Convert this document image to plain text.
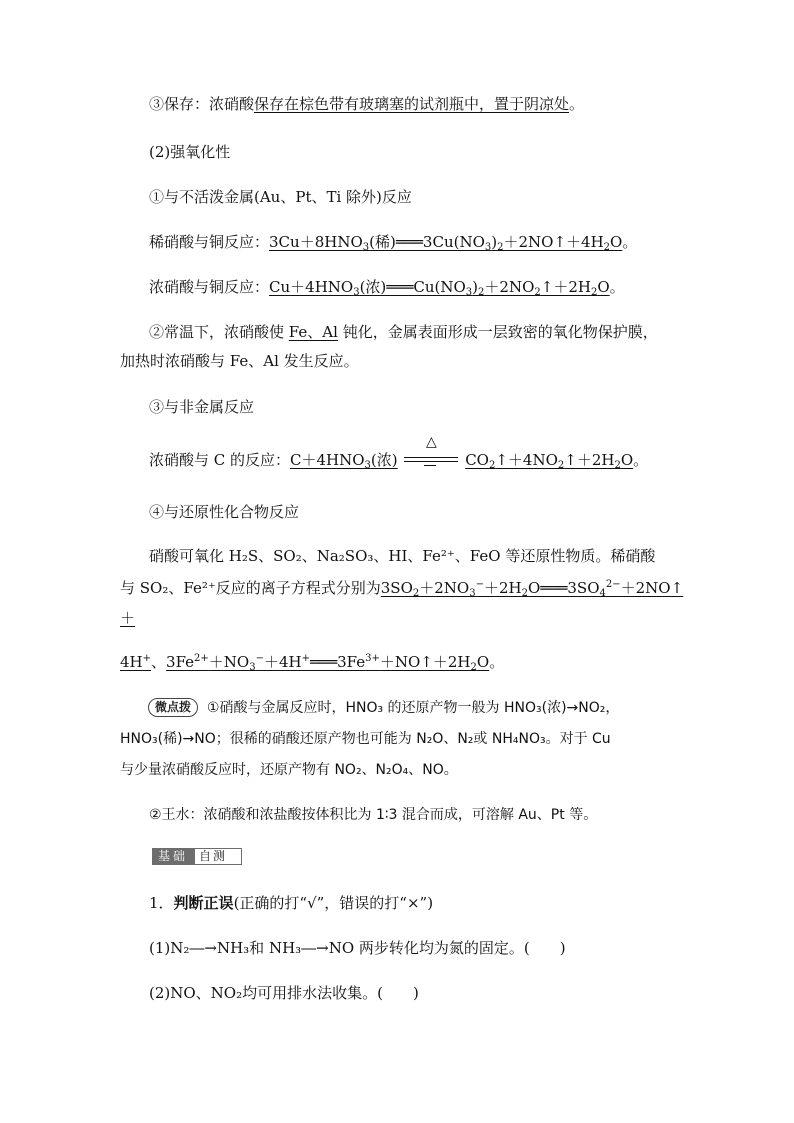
③保存：浓硝酸保存在棕色带有玻璃塞的试剂瓶中，置于阴凉处。
(2)强氧化性
①与不活泼金属(Au、Pt、Ti 除外)反应
稀硝酸与铜反应：$3Cu+8HNO_3$(稀)$═══3Cu(NO_3)_2+2NO↑+4H_2O$。
浓硝酸与铜反应：$Cu+4HNO_3$(浓)$═══Cu(NO_3)_2+2NO_2↑+2H_2O$。
②常温下，浓硝酸使 Fe、Al 钝化，金属表面形成一层致密的氧化物保护膜，
加热时浓硝酸与 Fe、Al 发生反应。
③与非金属反应
浓硝酸与 C 的反应：$C+4HNO_3$(浓)
△
$CO_2↑+4NO_2↑+2H_2O$。
④与还原性化合物反应
硝酸可氧化 H₂S、SO₂、Na₂SO₃、HI、Fe²⁺、FeO 等还原性物质。稀硝酸
与 SO₂、Fe²⁺反应的离子方程式分别为$3SO_2+2NO_3^-+2H_2O═══3SO_4^{2-}+2NO↑$
＋
4H+、$3Fe^{2+}+NO_3^-+4H^+═══3Fe^{3+}+NO↑+2H_2O$。
微点拨 ①硝酸与金属反应时，HNO₃ 的还原产物一般为 HNO₃(浓)→NO₂，
HNO₃(稀)→NO；很稀的硝酸还原产物也可能为 N₂O、N₂或 NH₄NO₃。对于 Cu
与少量浓硝酸反应时，还原产物有 NO₂、N₂O₄、NO。
②王水：浓硝酸和浓盐酸按体积比为 1∶3 混合而成，可溶解 Au、Pt 等。
基础 自测
1．判断正误(正确的打“√”，错误的打“×”)
(1)N₂―→NH₃和 NH₃―→NO 两步转化均为氮的固定。(　　)
(2)NO、NO₂均可用排水法收集。(　　)
